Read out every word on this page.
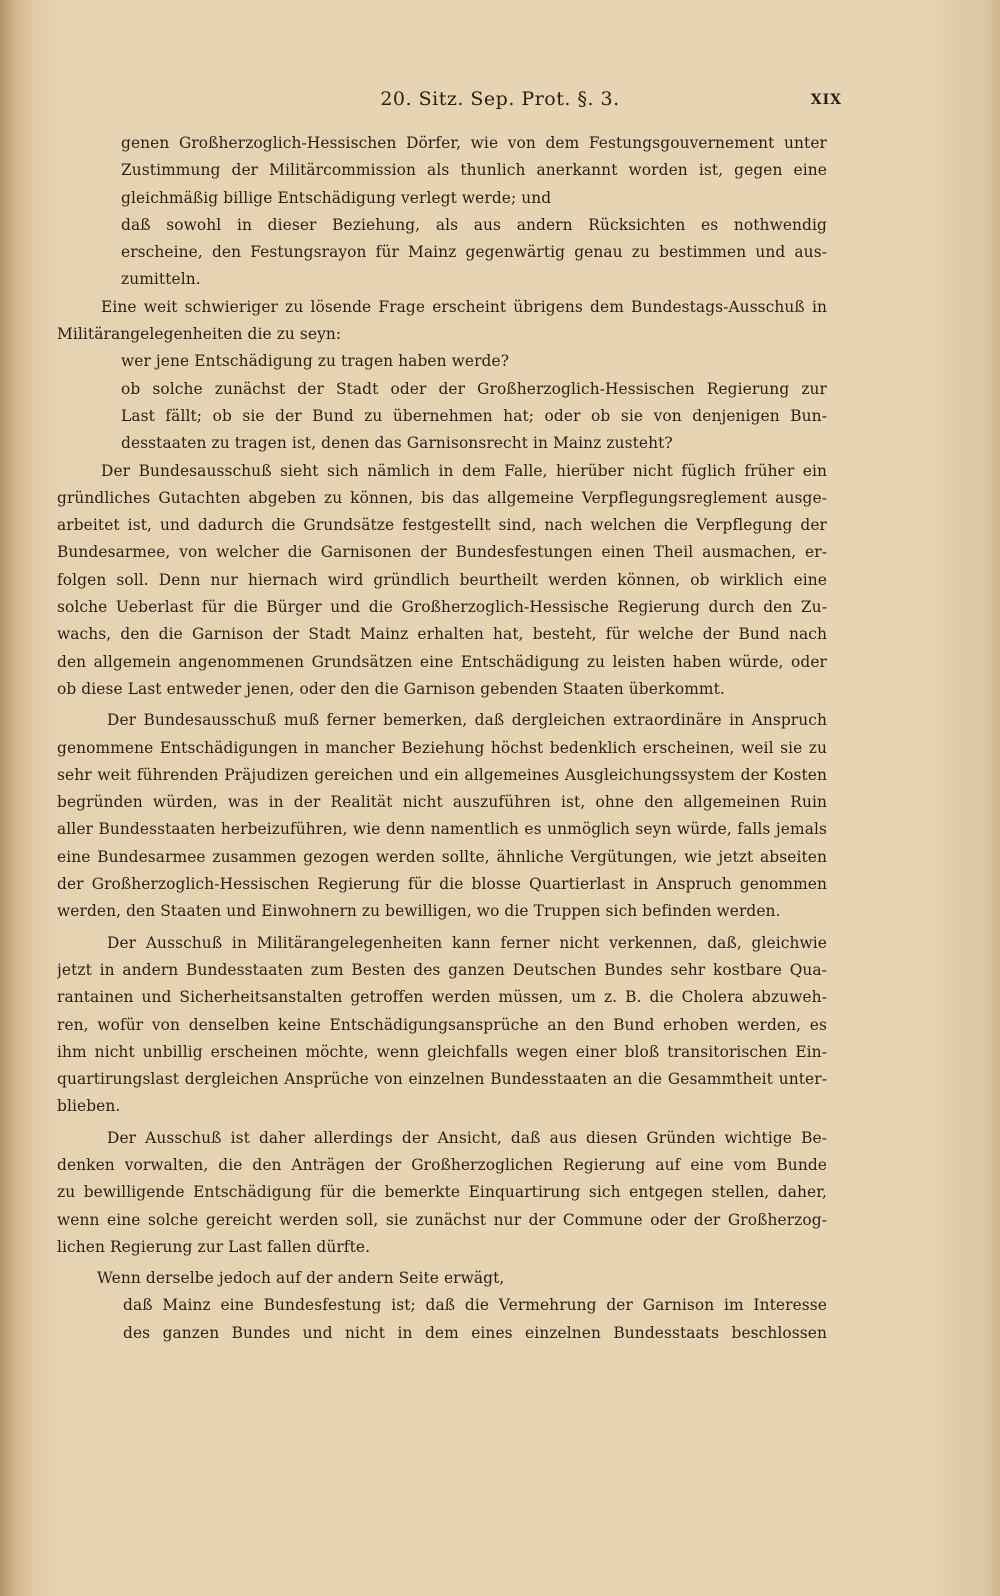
20. Sitz. Sep. Prot. §. 3.	XIX
genen Großherzoglich-Hessischen Dörfer, wie von dem Festungsgouvernement unter
Zustimmung der Militärcommission als thunlich anerkannt worden ist, gegen eine
gleichmäßig billige Entschädigung verlegt werde; und
daß sowohl in dieser Beziehung, als aus andern Rücksichten es nothwendig
erscheine, den Festungsrayon für Mainz gegenwärtig genau zu bestimmen und aus-
zumitteln.
Eine weit schwieriger zu lösende Frage erscheint übrigens dem Bundestags-Ausschuß in
Militärangelegenheiten die zu seyn:
wer jene Entschädigung zu tragen haben werde?
ob solche zunächst der Stadt oder der Großherzoglich-Hessischen Regierung zur
Last fällt; ob sie der Bund zu übernehmen hat; oder ob sie von denjenigen Bun-
desstaaten zu tragen ist, denen das Garnisonsrecht in Mainz zusteht?
Der Bundesausschuß sieht sich nämlich in dem Falle, hierüber nicht füglich früher ein
gründliches Gutachten abgeben zu können, bis das allgemeine Verpflegungsreglement ausge-
arbeitet ist, und dadurch die Grundsätze festgestellt sind, nach welchen die Verpflegung der
Bundesarmee, von welcher die Garnisonen der Bundesfestungen einen Theil ausmachen, er-
folgen soll. Denn nur hiernach wird gründlich beurtheilt werden können, ob wirklich eine
solche Ueberlast für die Bürger und die Großherzoglich-Hessische Regierung durch den Zu-
wachs, den die Garnison der Stadt Mainz erhalten hat, besteht, für welche der Bund nach
den allgemein angenommenen Grundsätzen eine Entschädigung zu leisten haben würde, oder
ob diese Last entweder jenen, oder den die Garnison gebenden Staaten überkommt.
Der Bundesausschuß muß ferner bemerken, daß dergleichen extraordinäre in Anspruch
genommene Entschädigungen in mancher Beziehung höchst bedenklich erscheinen, weil sie zu
sehr weit führenden Präjudizen gereichen und ein allgemeines Ausgleichungssystem der Kosten
begründen würden, was in der Realität nicht auszuführen ist, ohne den allgemeinen Ruin
aller Bundesstaaten herbeizuführen, wie denn namentlich es unmöglich seyn würde, falls jemals
eine Bundesarmee zusammen gezogen werden sollte, ähnliche Vergütungen, wie jetzt abseiten
der Großherzoglich-Hessischen Regierung für die blosse Quartierlast in Anspruch genommen
werden, den Staaten und Einwohnern zu bewilligen, wo die Truppen sich befinden werden.
Der Ausschuß in Militärangelegenheiten kann ferner nicht verkennen, daß, gleichwie
jetzt in andern Bundesstaaten zum Besten des ganzen Deutschen Bundes sehr kostbare Qua-
rantainen und Sicherheitsanstalten getroffen werden müssen, um z. B. die Cholera abzuweh-
ren, wofür von denselben keine Entschädigungsansprüche an den Bund erhoben werden, es
ihm nicht unbillig erscheinen möchte, wenn gleichfalls wegen einer bloß transitorischen Ein-
quartirungslast dergleichen Ansprüche von einzelnen Bundesstaaten an die Gesammtheit unter-
blieben.
Der Ausschuß ist daher allerdings der Ansicht, daß aus diesen Gründen wichtige Be-
denken vorwalten, die den Anträgen der Großherzoglichen Regierung auf eine vom Bunde
zu bewilligende Entschädigung für die bemerkte Einquartirung sich entgegen stellen, daher,
wenn eine solche gereicht werden soll, sie zunächst nur der Commune oder der Großherzog-
lichen Regierung zur Last fallen dürfte.
Wenn derselbe jedoch auf der andern Seite erwägt,
daß Mainz eine Bundesfestung ist; daß die Vermehrung der Garnison im Interesse
des ganzen Bundes und nicht in dem eines einzelnen Bundesstaats beschlossen
